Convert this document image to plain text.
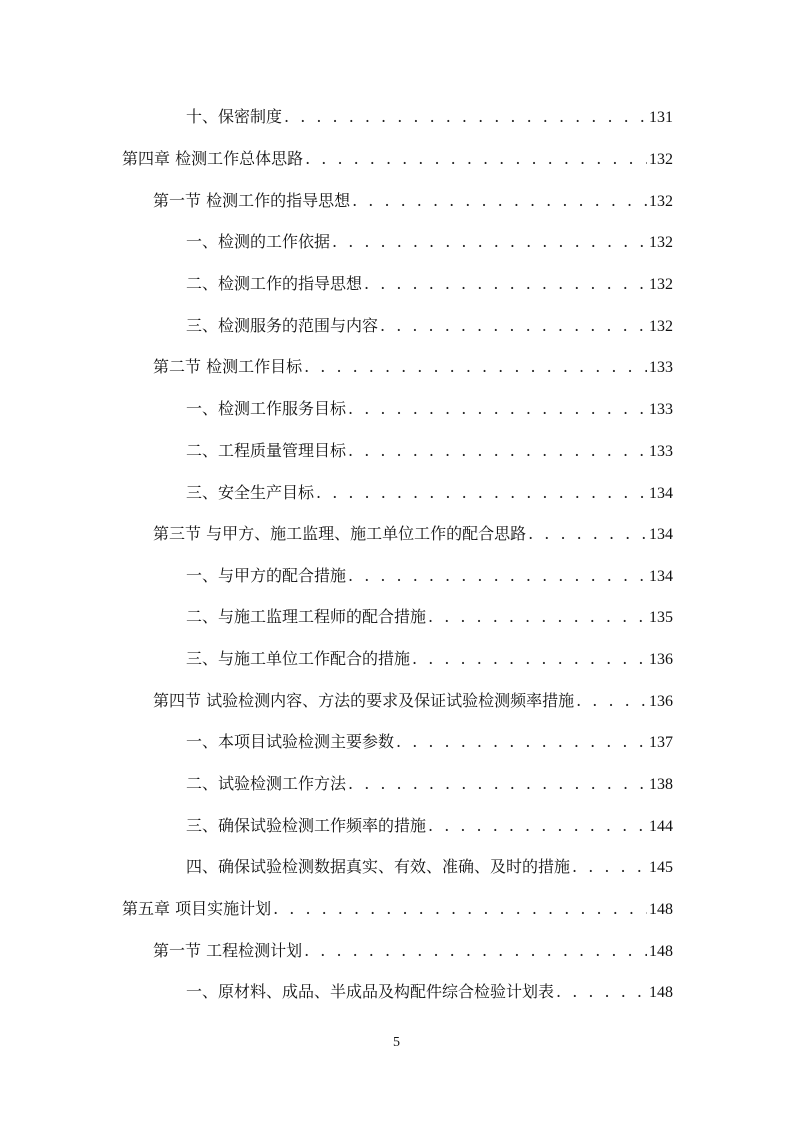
十、保密制度 . . .	131
第四章 检测工作总体思路 . . .	132
第一节 检测工作的指导思想 . . .	132
一、检测的工作依据 . . .	132
二、检测工作的指导思想 . . .	132
三、检测服务的范围与内容 . . .	132
第二节 检测工作目标 . . .	133
一、检测工作服务目标 . . .	133
二、工程质量管理目标 . . .	133
三、安全生产目标 . . .	134
第三节 与甲方、施工监理、施工单位工作的配合思路 . . .	134
一、与甲方的配合措施 . . .	134
二、与施工监理工程师的配合措施 . . .	135
三、与施工单位工作配合的措施 . . .	136
第四节 试验检测内容、方法的要求及保证试验检测频率措施 . . .	136
一、本项目试验检测主要参数 . . .	137
二、试验检测工作方法 . . .	138
三、确保试验检测工作频率的措施 . . .	144
四、确保试验检测数据真实、有效、准确、及时的措施 . . .	145
第五章 项目实施计划 . . .	148
第一节 工程检测计划 . . .	148
一、原材料、成品、半成品及构配件综合检验计划表 . . .	148
5
